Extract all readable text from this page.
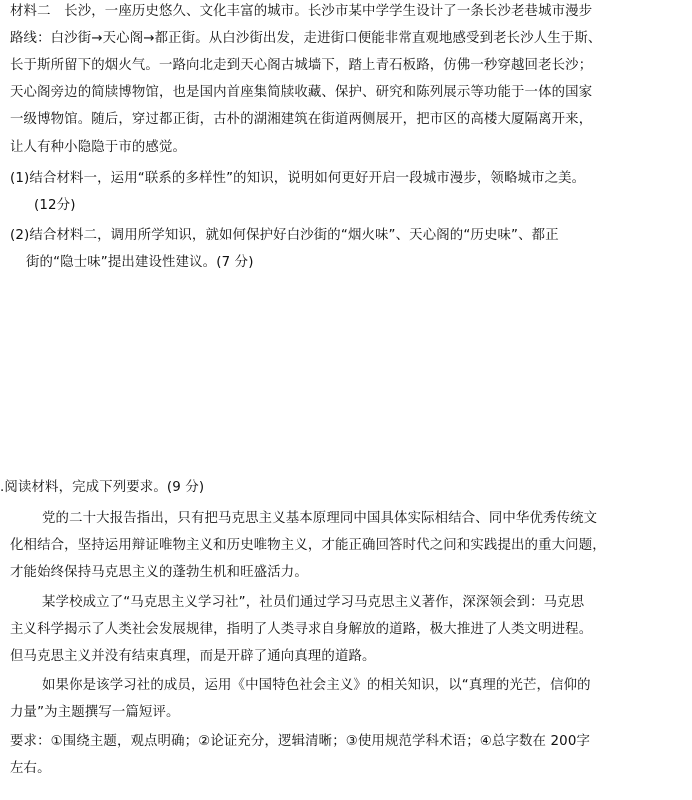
材料二　长沙，一座历史悠久、文化丰富的城市。长沙市某中学学生设计了一条长沙老巷城市漫步
路线：白沙街→天心阁→都正街。从白沙街出发，走进街口便能非常直观地感受到老长沙人生于斯、
长于斯所留下的烟火气。一路向北走到天心阁古城墙下，踏上青石板路，仿佛一秒穿越回老长沙；
天心阁旁边的简牍博物馆，也是国内首座集简牍收藏、保护、研究和陈列展示等功能于一体的国家
一级博物馆。随后，穿过都正街，古朴的湖湘建筑在街道两侧展开，把市区的高楼大厦隔离开来，
让人有种小隐隐于市的感觉。
(1)结合材料一，运用“联系的多样性”的知识，说明如何更好开启一段城市漫步，领略城市之美。
(12分)
(2)结合材料二，调用所学知识，就如何保护好白沙街的“烟火味”、天心阁的“历史味”、都正
街的“隐士味”提出建设性建议。(7 分)
.阅读材料，完成下列要求。(9 分)
党的二十大报告指出，只有把马克思主义基本原理同中国具体实际相结合、同中华优秀传统文
化相结合，坚持运用辩证唯物主义和历史唯物主义，才能正确回答时代之问和实践提出的重大问题，
才能始终保持马克思主义的蓬勃生机和旺盛活力。
某学校成立了“马克思主义学习社”，社员们通过学习马克思主义著作，深深领会到：马克思
主义科学揭示了人类社会发展规律，指明了人类寻求自身解放的道路，极大推进了人类文明进程。
但马克思主义并没有结束真理，而是开辟了通向真理的道路。
如果你是该学习社的成员，运用《中国特色社会主义》的相关知识，以“真理的光芒，信仰的
力量”为主题撰写一篇短评。
要求：①围绕主题，观点明确；②论证充分，逻辑清晰；③使用规范学科术语；④总字数在 200字
左右。
